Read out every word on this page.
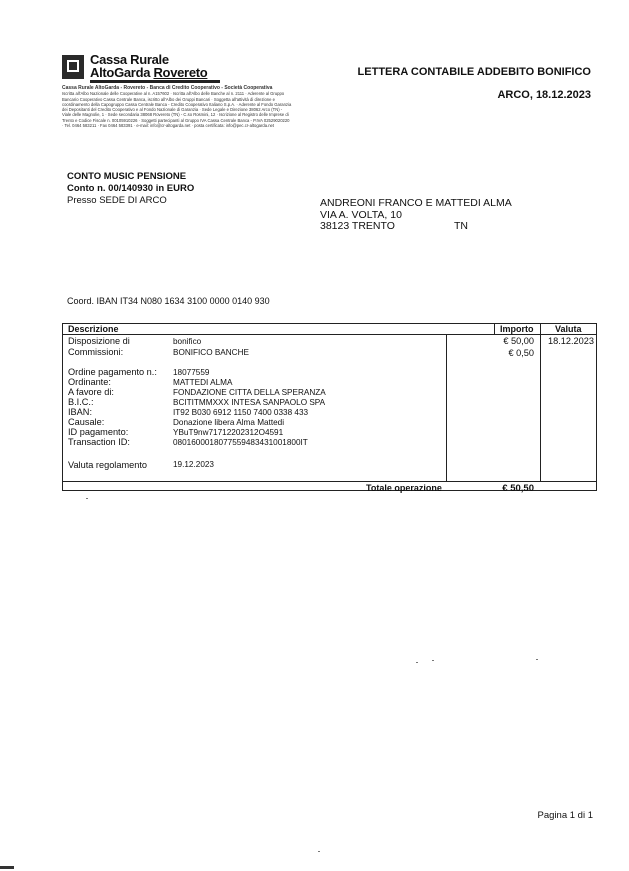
Cassa Rurale
AltoGarda Rovereto
Cassa Rurale AltoGarda - Rovereto - Banca di Credito Cooperativo - Società Cooperativa
Iscritta all'Albo Nazionale delle Cooperative al n. A157602 · Iscritta all'Albo delle Banche al n. 2111 · Aderente al Gruppo Bancario Cooperativo Cassa Centrale Banca, iscritto all'Albo dei Gruppi Bancari · Soggetta all'attività di direzione e coordinamento della Capogruppo Cassa Centrale Banca - Credito Cooperativo Italiano S.p.A. · Aderente al Fondo Garanzia dei Depositanti del Credito Cooperativo e al Fondo Nazionale di Garanzia · Sede Legale e Direzione 38062 Arco (TN) - Viale delle Magnolie, 1 · Sede secondaria 38068 Rovereto (TN) - C.so Rosmini, 12 · Iscrizione al Registro delle Imprese di Trento e Codice Fiscale n. 00105910226 · Soggetti partecipanti al Gruppo IVA Cassa Centrale Banca - P.IVA 02529020220 · Tel. 0464 583211 · Fax 0464 583391 · e-mail: info@cr-altogarda.net · posta certificata: info@pec.cr-altogarda.net
LETTERA CONTABILE ADDEBITO BONIFICO
ARCO, 18.12.2023
CONTO MUSIC PENSIONE
Conto n. 00/140930 in EURO
Presso SEDE DI ARCO	ANDREONI FRANCO E MATTEDI ALMA
VIA A. VOLTA, 10
38123 TRENTO	TN
Coord. IBAN IT34 N080 1634 3100 0000 0140 930
Descrizione	Importo Valuta
Disposizione di	bonifico	€ 50,00 18.12.2023
Commissioni:	BONIFICO BANCHE	€ 0,50
Ordine pagamento n.: 18077559
Ordinante:	MATTEDI ALMA
A favore di:	FONDAZIONE CITTA DELLA SPERANZA
B.I.C.:	BCITITMMXXX INTESA SANPAOLO SPA
IBAN:	IT92 B030 6912 1150 7400 0338 433
Causale:	Donazione libera Alma Mattedi
ID pagamento:	YBuT9nw71712202312O4591
Transaction ID:	0801600018077559483431001800IT
Valuta regolamento	19.12.2023
Totale operazione	€ 50,50
Pagina 1 di 1
